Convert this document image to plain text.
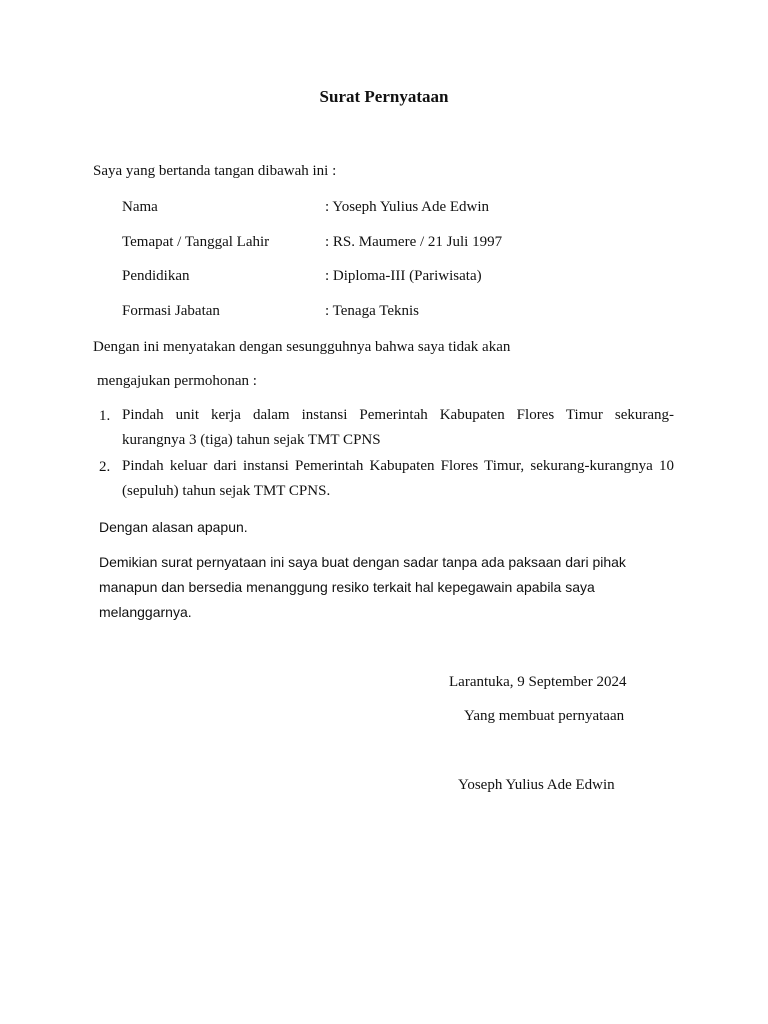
Surat Pernyataan
Saya yang bertanda tangan dibawah ini :
Nama	: Yoseph Yulius Ade Edwin
Temapat / Tanggal Lahir	: RS. Maumere / 21 Juli 1997
Pendidikan	: Diploma-III (Pariwisata)
Formasi Jabatan	: Tenaga Teknis
Dengan ini menyatakan dengan sesungguhnya bahwa saya tidak akan
mengajukan permohonan :
1. Pindah unit kerja dalam instansi Pemerintah Kabupaten Flores Timur sekurang-
kurangnya 3 (tiga) tahun sejak TMT CPNS
2. Pindah keluar dari instansi Pemerintah Kabupaten Flores Timur, sekurang-kurangnya 10
(sepuluh) tahun sejak TMT CPNS.
Dengan alasan apapun.
Demikian surat pernyataan ini saya buat dengan sadar tanpa ada paksaan dari pihak
manapun dan bersedia menanggung resiko terkait hal kepegawain apabila saya
melanggarnya.
Larantuka, 9 September 2024
Yang membuat pernyataan
Yoseph Yulius Ade Edwin
